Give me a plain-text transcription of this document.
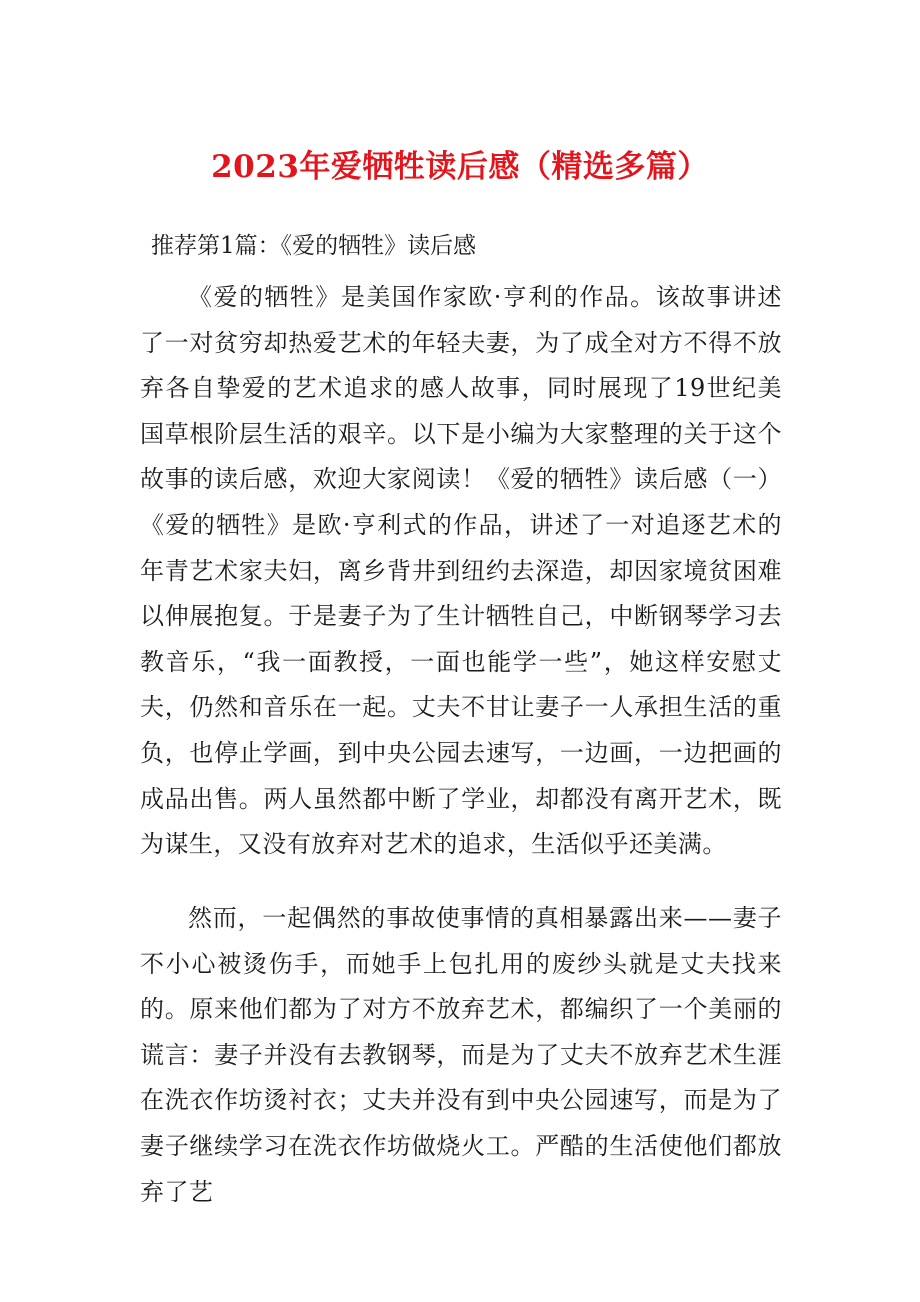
2023年爱牺牲读后感（精选多篇）

推荐第1篇：《爱的牺牲》读后感

《爱的牺牲》是美国作家欧·亨利的作品。该故事讲述了一对贫穷却热爱艺术的年轻夫妻，为了成全对方不得不放弃各自挚爱的艺术追求的感人故事，同时展现了19世纪美国草根阶层生活的艰辛。以下是小编为大家整理的关于这个故事的读后感，欢迎大家阅读！《爱的牺牲》读后感（一）《爱的牺牲》是欧·亨利式的作品，讲述了一对追逐艺术的年青艺术家夫妇，离乡背井到纽约去深造，却因家境贫困难以伸展抱复。于是妻子为了生计牺牲自己，中断钢琴学习去教音乐，“我一面教授，一面也能学一些”，她这样安慰丈夫，仍然和音乐在一起。丈夫不甘让妻子一人承担生活的重负，也停止学画，到中央公园去速写，一边画，一边把画的成品出售。两人虽然都中断了学业，却都没有离开艺术，既为谋生，又没有放弃对艺术的追求，生活似乎还美满。

然而，一起偶然的事故使事情的真相暴露出来——妻子不小心被烫伤手，而她手上包扎用的废纱头就是丈夫找来的。原来他们都为了对方不放弃艺术，都编织了一个美丽的谎言：妻子并没有去教钢琴，而是为了丈夫不放弃艺术生涯在洗衣作坊烫衬衣；丈夫并没有到中央公园速写，而是为了妻子继续学习在洗衣作坊做烧火工。严酷的生活使他们都放弃了艺
